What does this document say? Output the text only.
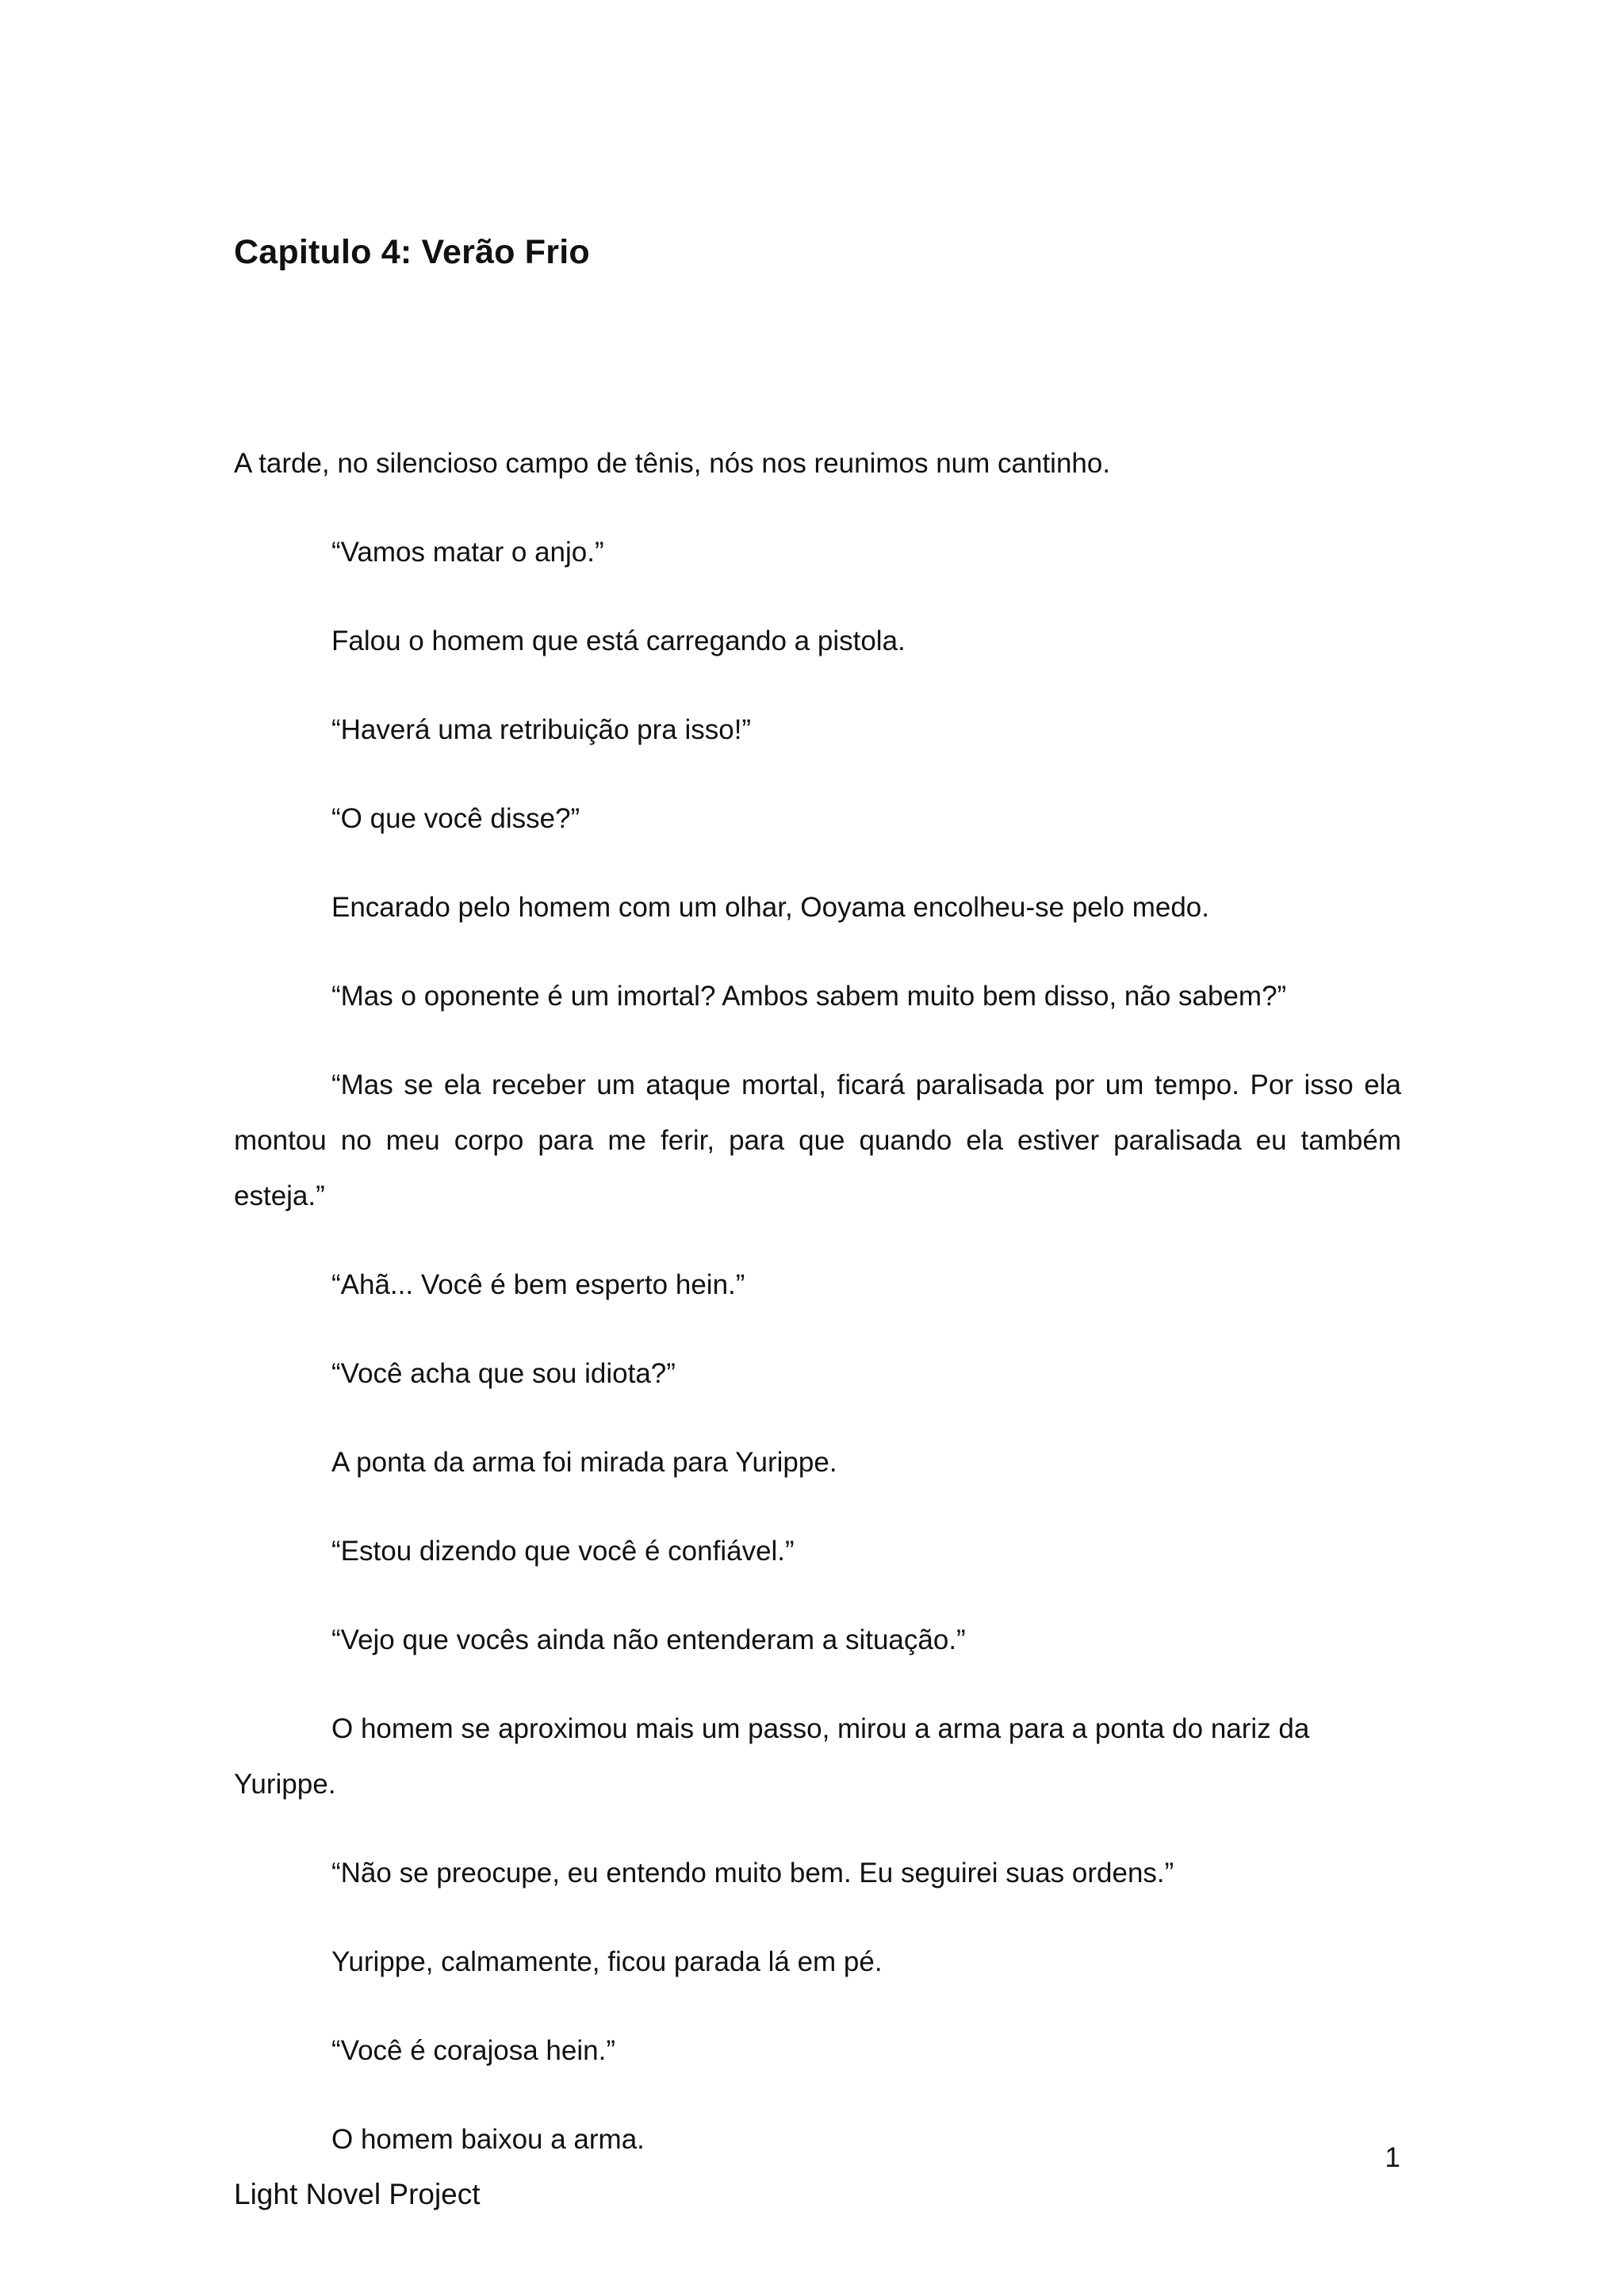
Capitulo 4: Verão Frio

A tarde, no silencioso campo de tênis, nós nos reunimos num cantinho.

“Vamos matar o anjo.”

Falou o homem que está carregando a pistola.

“Haverá uma retribuição pra isso!”

“O que você disse?”

Encarado pelo homem com um olhar, Ooyama encolheu-se pelo medo.

“Mas o oponente é um imortal? Ambos sabem muito bem disso, não sabem?”

“Mas se ela receber um ataque mortal, ficará paralisada por um tempo. Por isso ela montou no meu corpo para me ferir, para que quando ela estiver paralisada eu também esteja.”

“Ahã... Você é bem esperto hein.”

“Você acha que sou idiota?”

A ponta da arma foi mirada para Yurippe.

“Estou dizendo que você é confiável.”

“Vejo que vocês ainda não entenderam a situação.”

O homem se aproximou mais um passo, mirou a arma para a ponta do nariz da Yurippe.

“Não se preocupe, eu entendo muito bem. Eu seguirei suas ordens.”

Yurippe, calmamente, ficou parada lá em pé.

“Você é corajosa hein.”

O homem baixou a arma.

1
Light Novel Project
